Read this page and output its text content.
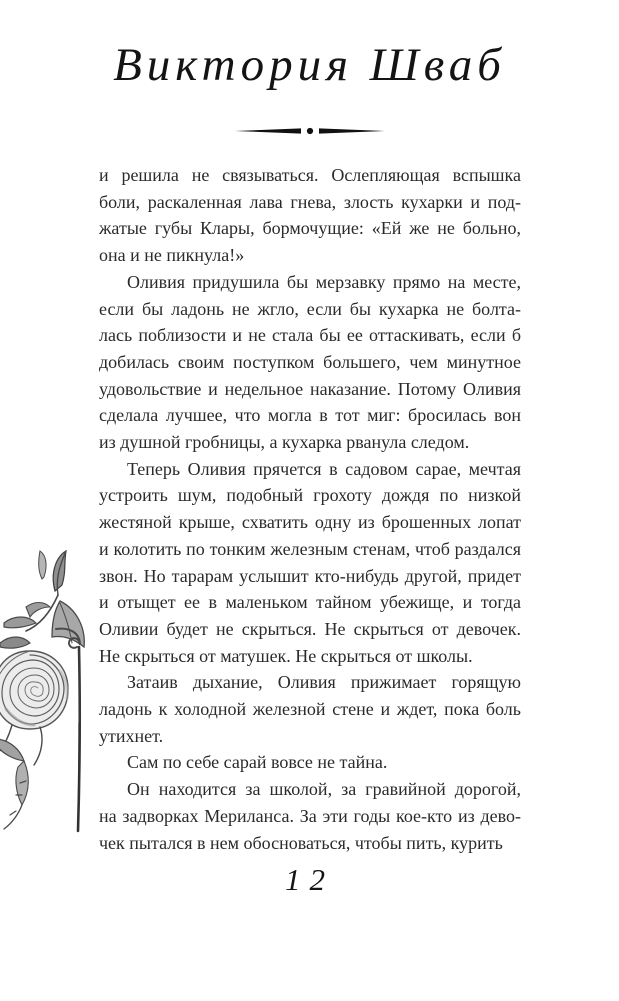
Виктория Шваб
и решила не связываться. Ослепляющая вспышка
боли, раскаленная лава гнева, злость кухарки и под-
жатые губы Клары, бормочущие: «Ей же не больно,
она и не пикнула!»
Оливия придушила бы мерзавку прямо на месте,
если бы ладонь не жгло, если бы кухарка не болта-
лась поблизости и не стала бы ее оттаскивать, если б
добилась своим поступком большего, чем минутное
удовольствие и недельное наказание. Потому Оливия
сделала лучшее, что могла в тот миг: бросилась вон
из душной гробницы, а кухарка рванула следом.
Теперь Оливия прячется в садовом сарае, мечтая
устроить шум, подобный грохоту дождя по низкой
жестяной крыше, схватить одну из брошенных лопат
и колотить по тонким железным стенам, чтоб раздался
звон. Но тарарам услышит кто-нибудь другой, придет
и отыщет ее в маленьком тайном убежище, и тогда
Оливии будет не скрыться. Не скрыться от девочек.
Не скрыться от матушек. Не скрыться от школы.
Затаив дыхание, Оливия прижимает горящую
ладонь к холодной железной стене и ждет, пока боль
утихнет.
Сам по себе сарай вовсе не тайна.
Он находится за школой, за гравийной дорогой,
на задворках Мериланса. За эти годы кое-кто из дево-
чек пытался в нем обосноваться, чтобы пить, курить
12
